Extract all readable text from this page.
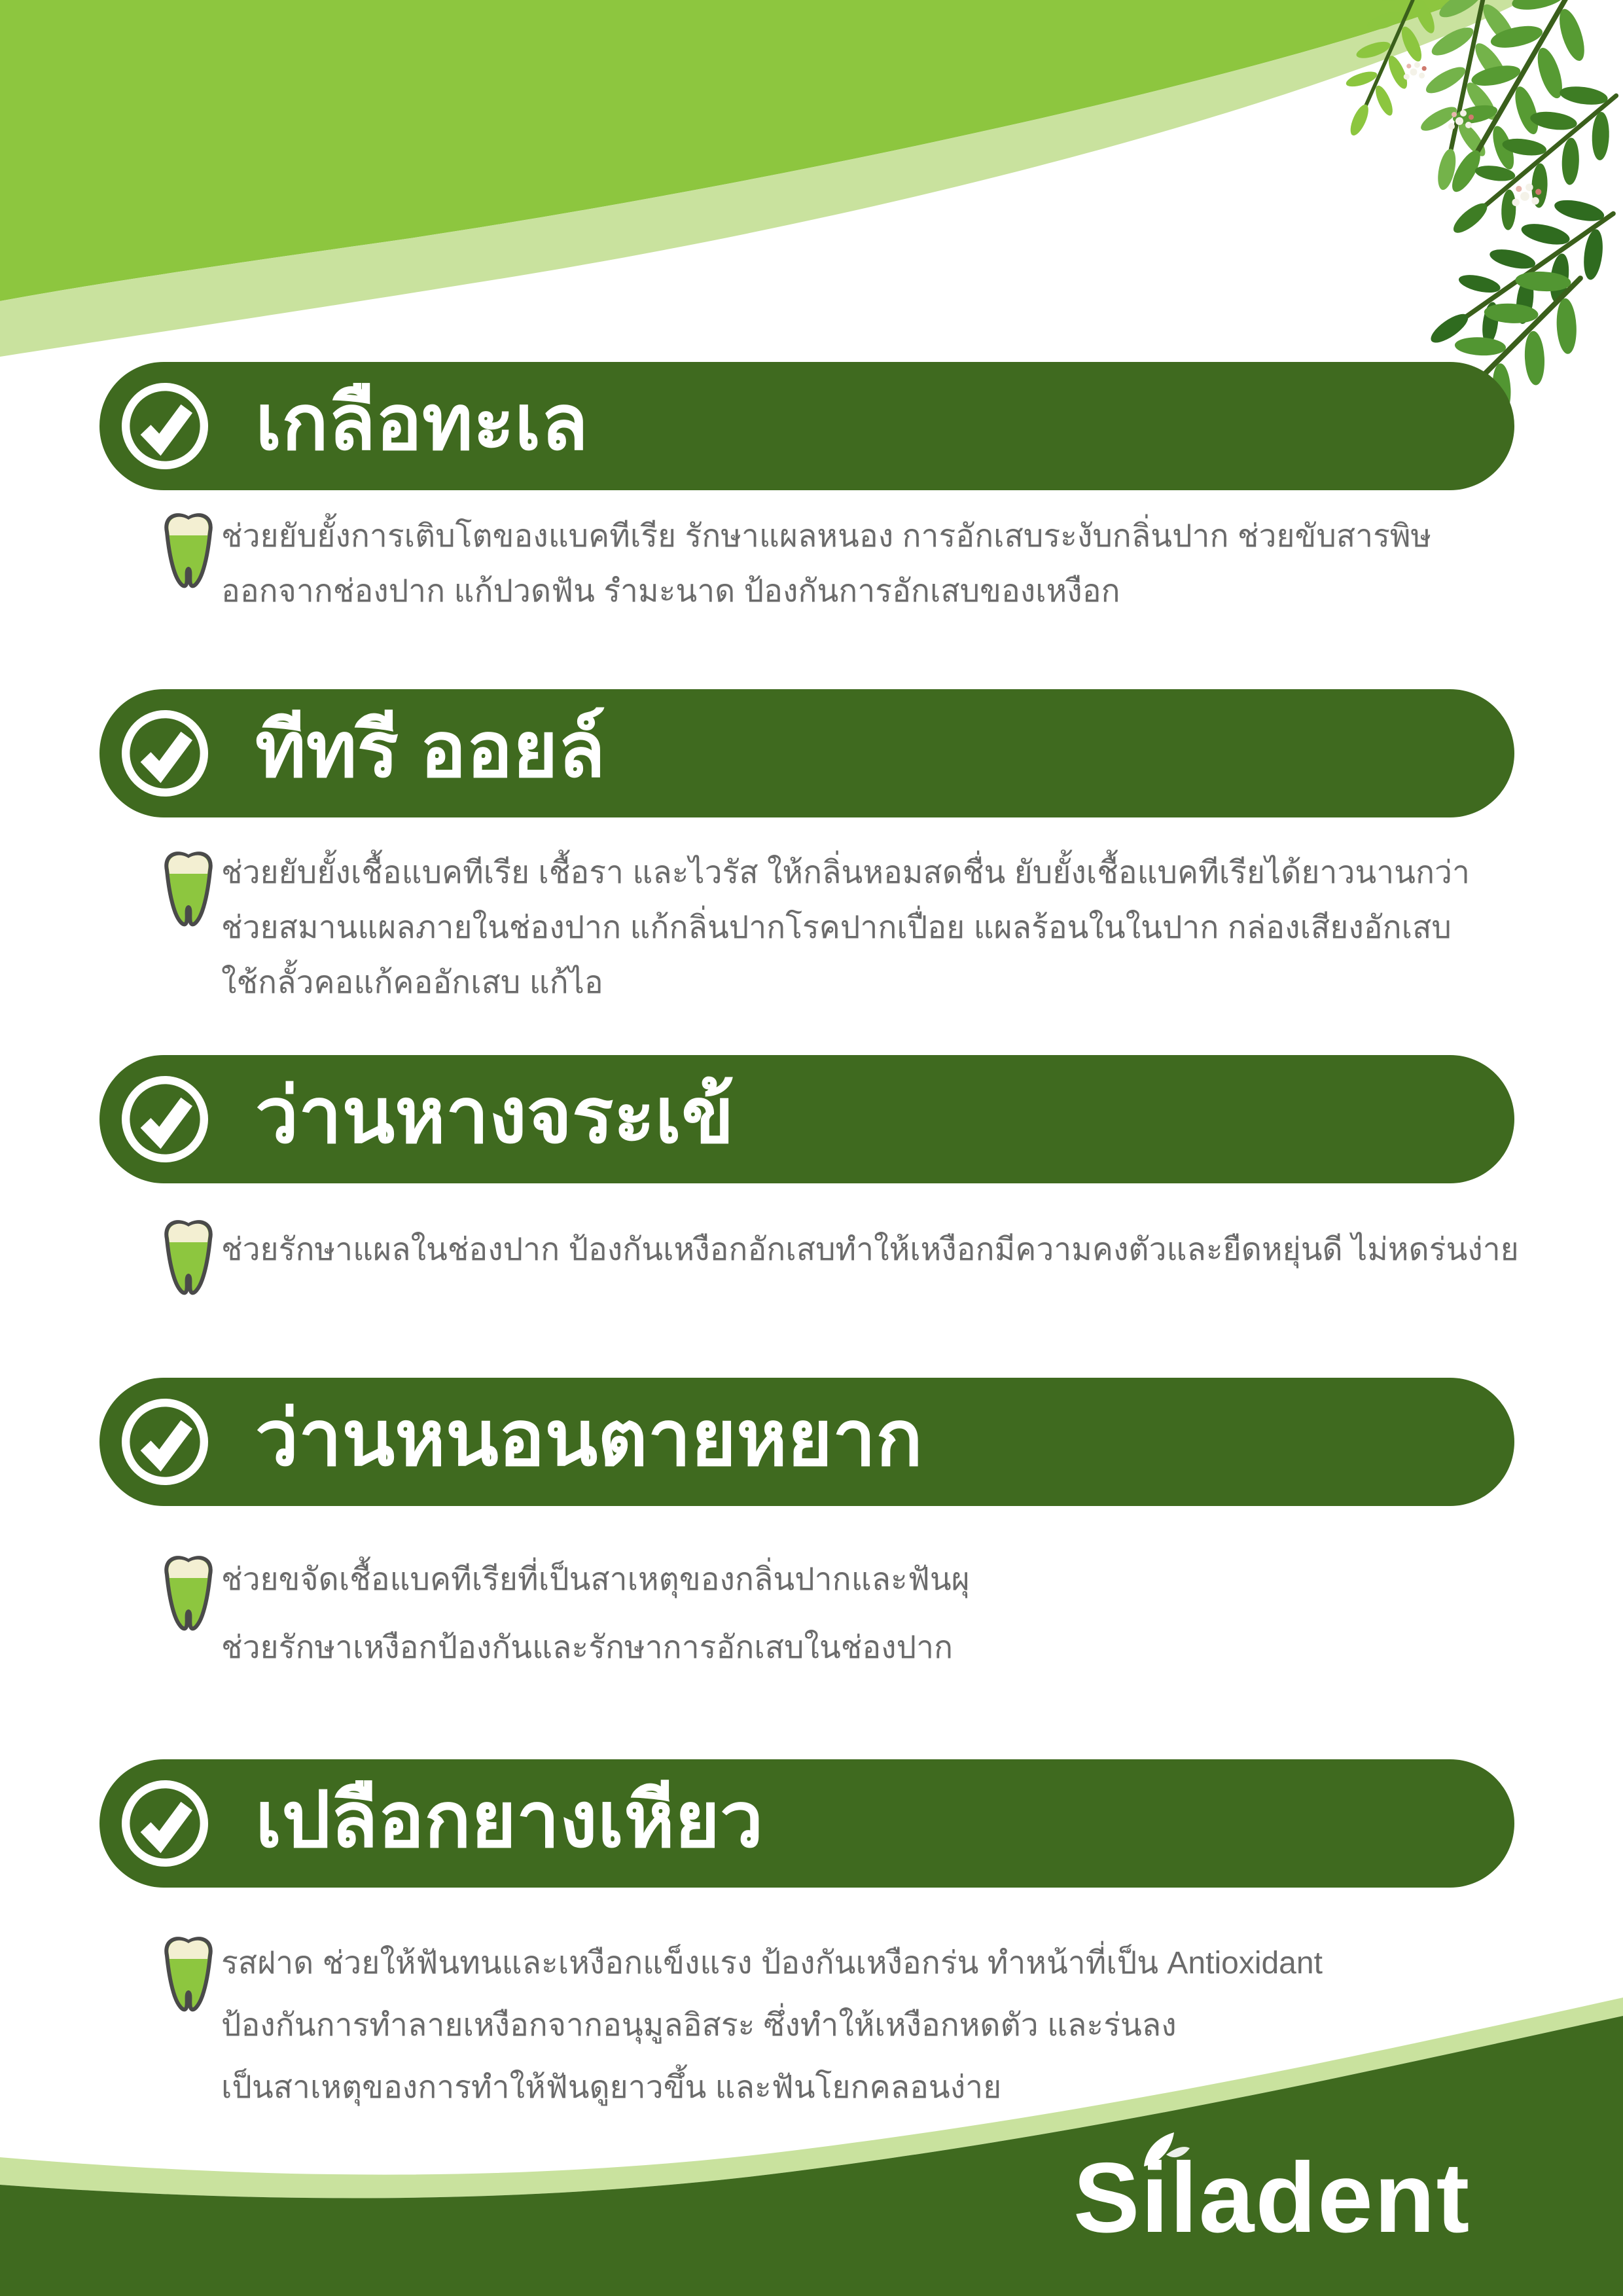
เกลือทะเล
ช่วยยับยั้งการเติบโตของแบคทีเรีย รักษาแผลหนอง การอักเสบระงับกลิ่นปาก ช่วยขับสารพิษ
ออกจากช่องปาก แก้ปวดฟัน รำมะนาด ป้องกันการอักเสบของเหงือก
ทีทรี ออยล์
ช่วยยับยั้งเชื้อแบคทีเรีย เชื้อรา และไวรัส ให้กลิ่นหอมสดชื่น ยับยั้งเชื้อแบคทีเรียได้ยาวนานกว่า
ช่วยสมานแผลภายในช่องปาก แก้กลิ่นปากโรคปากเปื่อย แผลร้อนในในปาก กล่องเสียงอักเสบ
ใช้กลั้วคอแก้คออักเสบ แก้ไอ
ว่านหางจระเข้
ช่วยรักษาแผลในช่องปาก ป้องกันเหงือกอักเสบทำให้เหงือกมีความคงตัวและยืดหยุ่นดี ไม่หดร่นง่าย
ว่านหนอนตายหยาก
ช่วยขจัดเชื้อแบคทีเรียที่เป็นสาเหตุของกลิ่นปากและฟันผุ
ช่วยรักษาเหงือกป้องกันและรักษาการอักเสบในช่องปาก
เปลือกยางเหียว
รสฝาด ช่วยให้ฟันทนและเหงือกแข็งแรง ป้องกันเหงือกร่น ทำหน้าที่เป็น Antioxidant
ป้องกันการทำลายเหงือกจากอนุมูลอิสระ ซึ่งทำให้เหงือกหดตัว และร่นลง
เป็นสาเหตุของการทำให้ฟันดูยาวขึ้น และฟันโยกคลอนง่าย
Siladent
